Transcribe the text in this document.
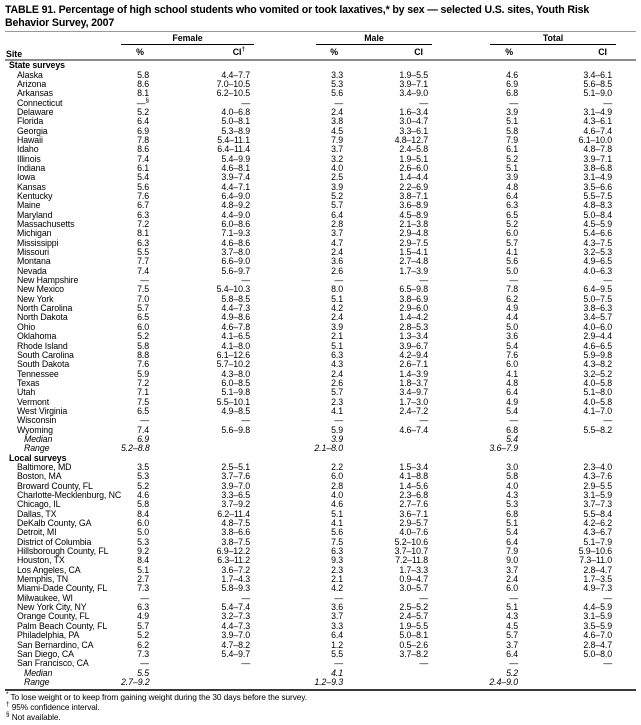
TABLE 91. Percentage of high school students who vomited or took laxatives,* by sex — selected U.S. sites, Youth Risk Behavior Survey, 2007
Site	Female		Male		Total		

	%	CI†	%	CI	%	CI	
State surveys							
Alaska	5.8	4.4–7.7	3.3	1.9–5.5	4.6	3.4–6.1	
Arizona	8.6	7.0–10.5	5.3	3.9–7.1	6.9	5.6–8.5	
Arkansas	8.1	6.2–10.5	5.6	3.4–9.0	6.8	5.1–9.0	
Connecticut	—§	—	—	—	—	—	
Delaware	5.2	4.0–6.8	2.4	1.6–3.4	3.9	3.1–4.9	
Florida	6.4	5.0–8.1	3.8	3.0–4.7	5.1	4.3–6.1	
Georgia	6.9	5.3–8.9	4.5	3.3–6.1	5.8	4.6–7.4	
Hawaii	7.8	5.4–11.1	7.9	4.8–12.7	7.9	6.1–10.0	
Idaho	8.6	6.4–11.4	3.7	2.4–5.8	6.1	4.8–7.8	
Illinois	7.4	5.4–9.9	3.2	1.9–5.1	5.2	3.9–7.1	
Indiana	6.1	4.6–8.1	4.0	2.6–6.0	5.1	3.8–6.8	
Iowa	5.4	3.9–7.4	2.5	1.4–4.4	3.9	3.1–4.9	
Kansas	5.6	4.4–7.1	3.9	2.2–6.9	4.8	3.5–6.6	
Kentucky	7.6	6.4–9.0	5.2	3.8–7.1	6.4	5.5–7.5	
Maine	6.7	4.8–9.2	5.7	3.6–8.9	6.3	4.8–8.3	
Maryland	6.3	4.4–9.0	6.4	4.5–8.9	6.5	5.0–8.4	
Massachusetts	7.2	6.0–8.6	2.8	2.1–3.8	5.2	4.5–5.9	
Michigan	8.1	7.1–9.3	3.7	2.9–4.8	6.0	5.4–6.6	
Mississippi	6.3	4.6–8.6	4.7	2.9–7.5	5.7	4.3–7.5	
Missouri	5.5	3.7–8.0	2.4	1.5–4.1	4.1	3.2–5.3	
Montana	7.7	6.6–9.0	3.6	2.7–4.8	5.6	4.9–6.5	
Nevada	7.4	5.6–9.7	2.6	1.7–3.9	5.0	4.0–6.3	
New Hampshire	—	—	—	—	—	—	
New Mexico	7.5	5.4–10.3	8.0	6.5–9.8	7.8	6.4–9.5	
New York	7.0	5.8–8.5	5.1	3.8–6.9	6.2	5.0–7.5	
North Carolina	5.7	4.4–7.3	4.2	2.9–6.0	4.9	3.8–6.3	
North Dakota	6.5	4.9–8.6	2.4	1.4–4.2	4.4	3.4–5.7	
Ohio	6.0	4.6–7.8	3.9	2.8–5.3	5.0	4.0–6.0	
Oklahoma	5.2	4.1–6.5	2.1	1.3–3.4	3.6	2.9–4.4	
Rhode Island	5.8	4.1–8.0	5.1	3.9–6.7	5.4	4.6–6.5	
South Carolina	8.8	6.1–12.6	6.3	4.2–9.4	7.6	5.9–9.8	
South Dakota	7.6	5.7–10.2	4.3	2.6–7.1	6.0	4.3–8.2	
Tennessee	5.9	4.3–8.0	2.4	1.4–3.9	4.1	3.2–5.2	
Texas	7.2	6.0–8.5	2.6	1.8–3.7	4.8	4.0–5.8	
Utah	7.1	5.1–9.8	5.7	3.4–9.7	6.4	5.1–8.0	
Vermont	7.5	5.5–10.1	2.3	1.7–3.0	4.9	4.0–5.8	
West Virginia	6.5	4.9–8.5	4.1	2.4–7.2	5.4	4.1–7.0	
Wisconsin	—	—	—	—	—	—	
Wyoming	7.4	5.6–9.8	5.9	4.6–7.4	6.8	5.5–8.2	
Median	6.9		3.9		5.4		
Range	5.2–8.8		2.1–8.0		3.6–7.9		
Local surveys							
Baltimore, MD	3.5	2.5–5.1	2.2	1.5–3.4	3.0	2.3–4.0	
Boston, MA	5.3	3.7–7.6	6.0	4.1–8.8	5.8	4.3–7.6	
Broward County, FL	5.2	3.9–7.0	2.8	1.4–5.6	4.0	2.9–5.5	
Charlotte-Mecklenburg, NC	4.6	3.3–6.5	4.0	2.3–6.8	4.3	3.1–5.9	
Chicago, IL	5.8	3.7–9.2	4.6	2.7–7.6	5.3	3.7–7.3	
Dallas, TX	8.4	6.2–11.4	5.1	3.6–7.1	6.8	5.5–8.4	
DeKalb County, GA	6.0	4.8–7.5	4.1	2.9–5.7	5.1	4.2–6.2	
Detroit, MI	5.0	3.8–6.6	5.6	4.0–7.6	5.4	4.3–6.7	
District of Columbia	5.3	3.8–7.5	7.5	5.2–10.6	6.4	5.1–7.9	
Hillsborough County, FL	9.2	6.9–12.2	6.3	3.7–10.7	7.9	5.9–10.6	
Houston, TX	8.4	6.3–11.2	9.3	7.2–11.8	9.0	7.3–11.0	
Los Angeles, CA	5.1	3.6–7.2	2.3	1.7–3.3	3.7	2.8–4.7	
Memphis, TN	2.7	1.7–4.3	2.1	0.9–4.7	2.4	1.7–3.5	
Miami-Dade County, FL	7.3	5.8–9.3	4.2	3.0–5.7	6.0	4.9–7.3	
Milwaukee, WI	—	—	—	—	—	—	
New York City, NY	6.3	5.4–7.4	3.6	2.5–5.2	5.1	4.4–5.9	
Orange County, FL	4.9	3.2–7.3	3.7	2.4–5.7	4.3	3.1–5.9	
Palm Beach County, FL	5.7	4.4–7.3	3.3	1.9–5.5	4.5	3.5–5.9	
Philadelphia, PA	5.2	3.9–7.0	6.4	5.0–8.1	5.7	4.6–7.0	
San Bernardino, CA	6.2	4.7–8.2	1.2	0.5–2.6	3.7	2.8–4.7	
San Diego, CA	7.3	5.4–9.7	5.5	3.7–8.2	6.4	5.0–8.0	
San Francisco, CA	—	—	—	—	—	—	
Median	5.5		4.1		5.2		
Range	2.7–9.2		1.2–9.3		2.4–9.0		
* To lose weight or to keep from gaining weight during the 30 days before the survey.
† 95% confidence interval.
§ Not available.
